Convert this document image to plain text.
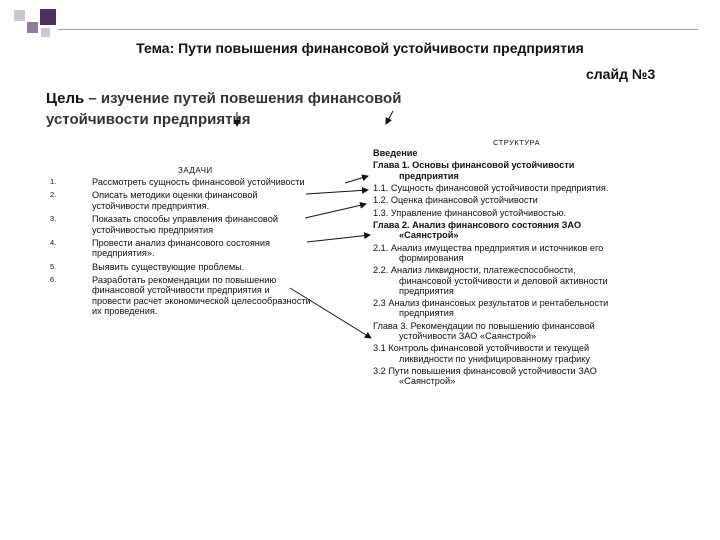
Тема: Пути повышения финансовой устойчивости предприятия
слайд №3
Цель – изучение путей повешения финансовой устойчивости предприятия
ЗАДАЧИ
1.	Рассмотреть сущность финансовой устойчивости
2.	Описать методики оценки финансовой
устойчивости предприятия.
3.	Показать способы управления финансовой
устойчивостью предприятия
4.	Провести анализ финансового состояния
предприятия».
5.	Выявить существующие проблемы.
6.	Разработать рекомендации по повышению
финансовой устойчивости предприятия и
провести расчет экономической целесообразности
их проведения.
СТРУКТУРА
Введение
Глава 1. Основы финансовой устойчивости
предприятия
1.1. Сущность финансовой устойчивости предприятия.
1.2. Оценка финансовой устойчивости
1.3. Управление финансовой устойчивостью.
Глава 2. Анализ финансового состояния ЗАО
«Саянстрой»
2.1. Анализ имущества предприятия и источников его
формирования
2.2. Анализ ликвидности, платежеспособности,
финансовой устойчивости и деловой активности
предприятия
2.3 Анализ финансовых результатов и рентабельности
предприятия
Глава 3. Рекомендации по повышению финансовой
устойчивости ЗАО «Саянстрой»
3.1 Контроль финансовой устойчивости и текущей
ликвидности по унифицированному графику
3.2 Пути повышения финансовой устойчивости ЗАО
«Саянстрой»
